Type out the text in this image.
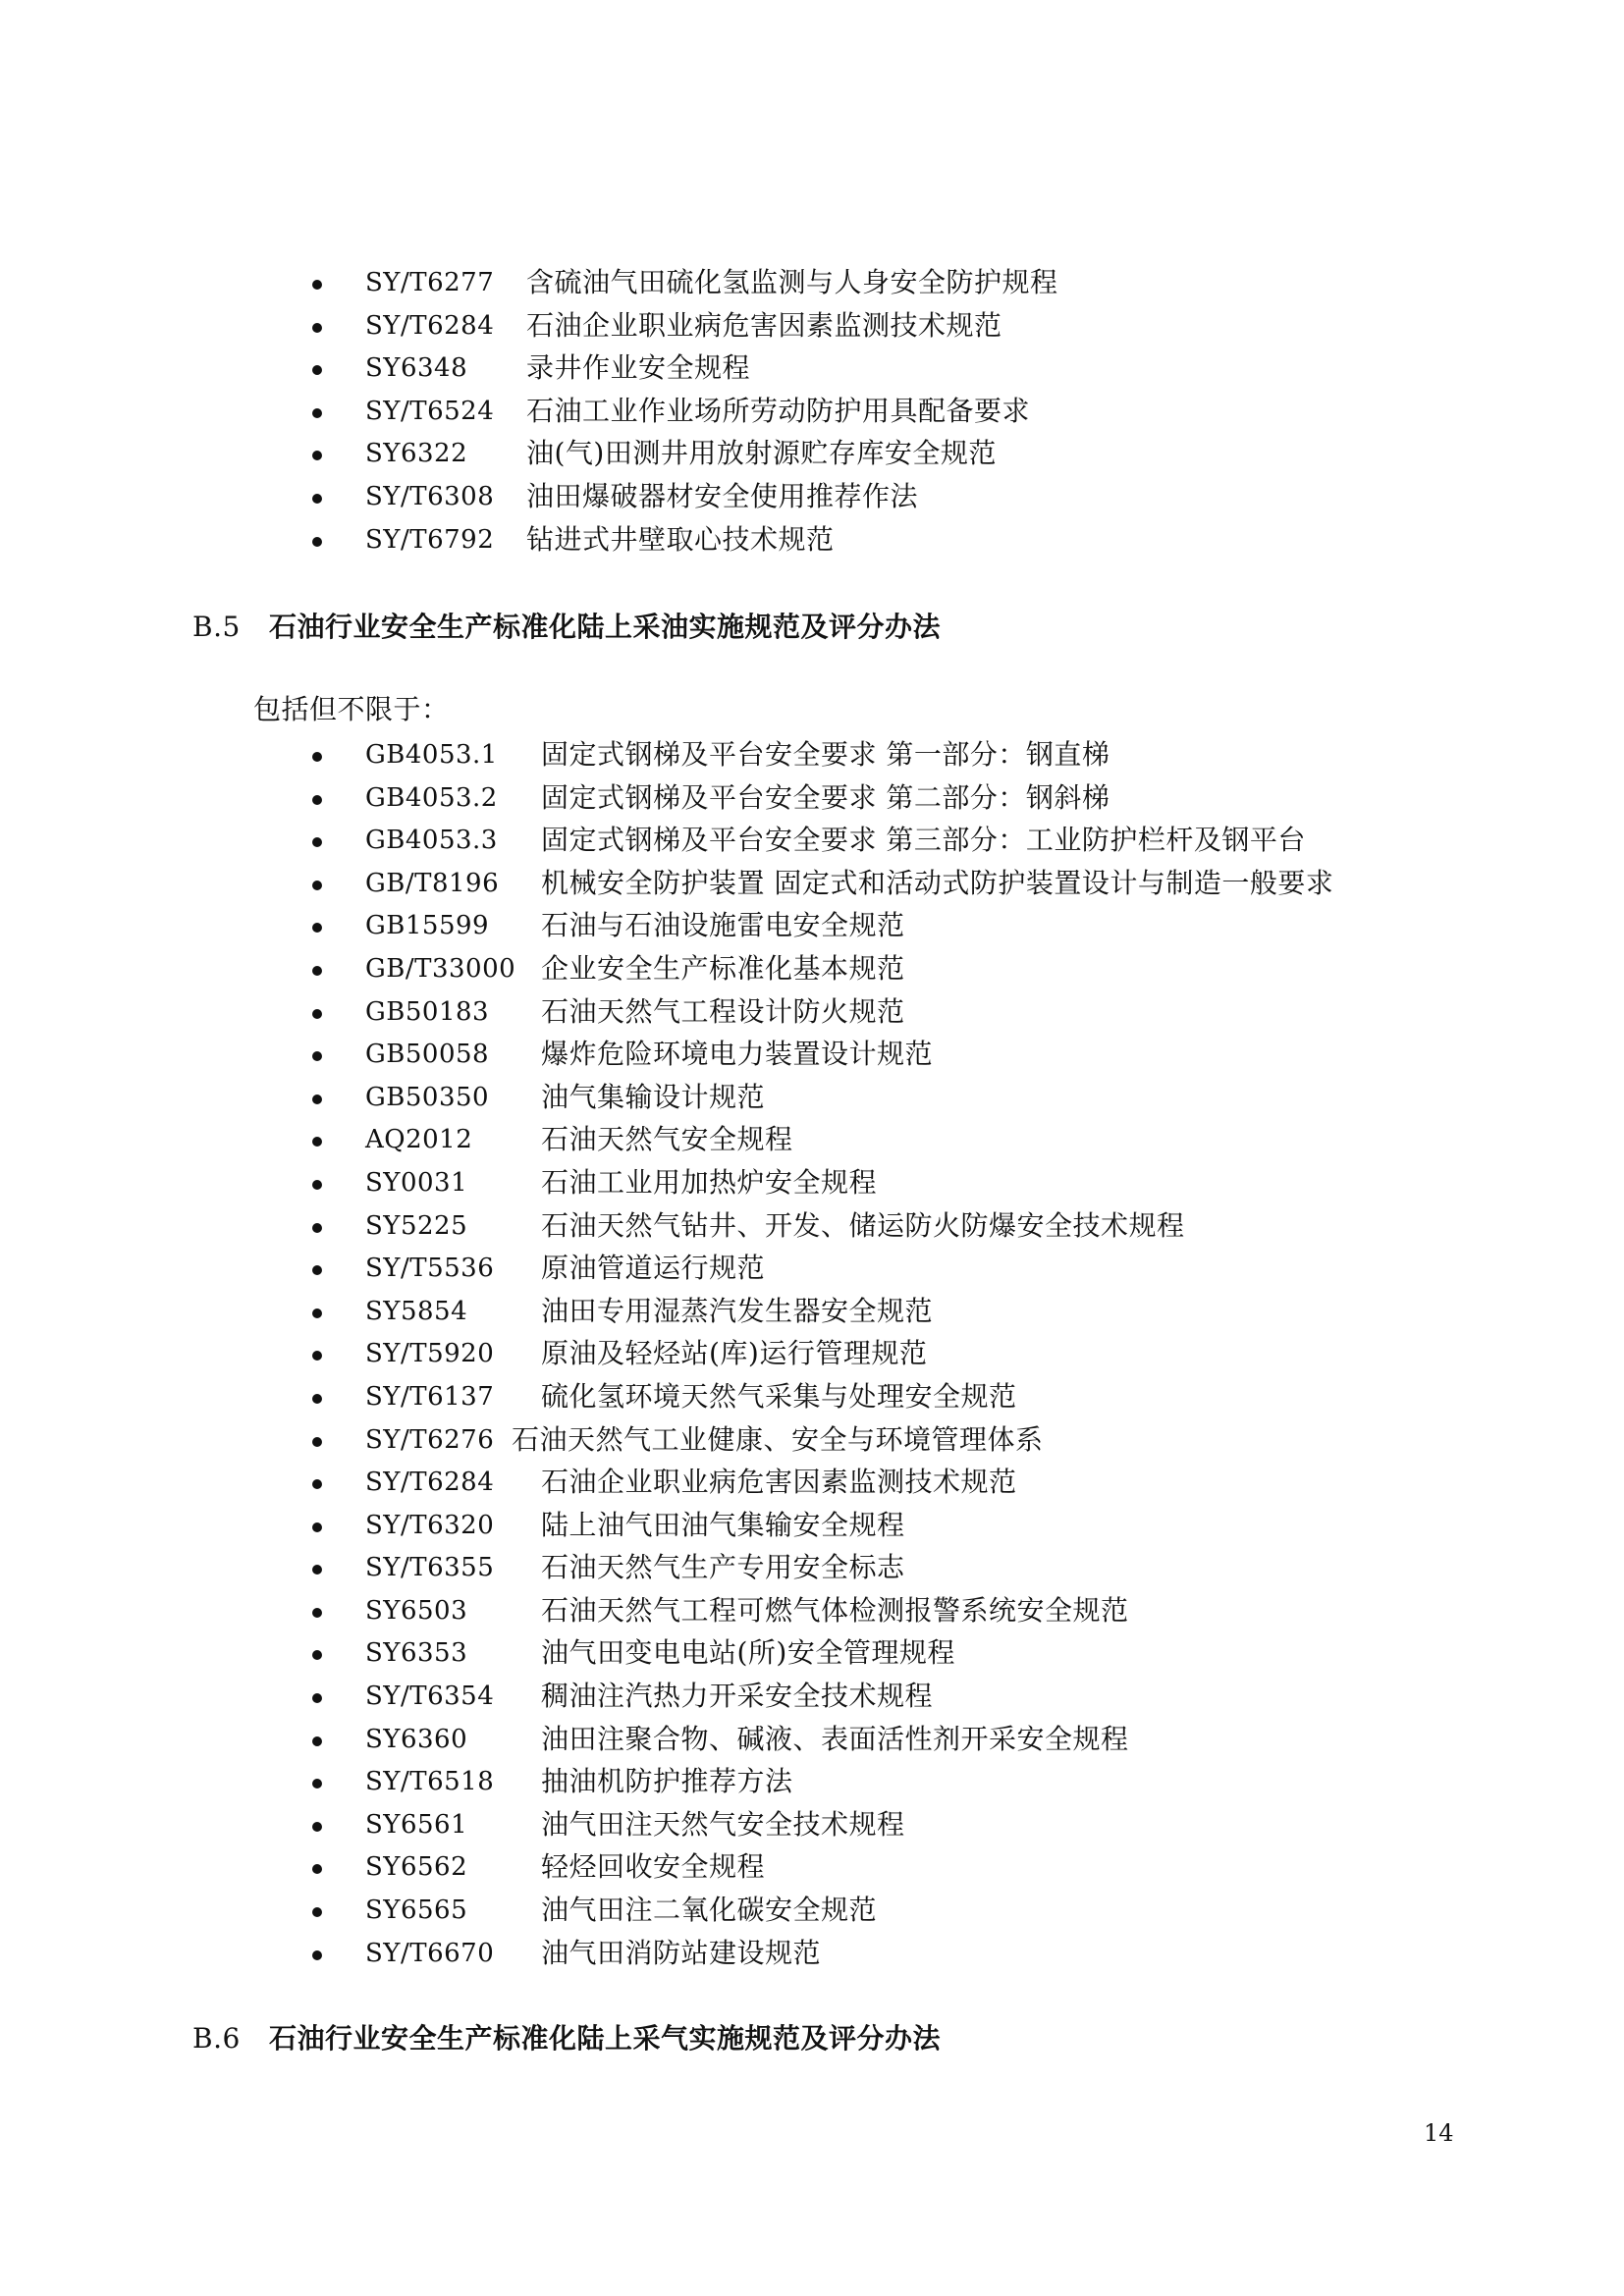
SY/T6277 含硫油气田硫化氢监测与人身安全防护规程
SY/T6284 石油企业职业病危害因素监测技术规范
SY6348 录井作业安全规程
SY/T6524 石油工业作业场所劳动防护用具配备要求
SY6322 油(气)田测井用放射源贮存库安全规范
SY/T6308 油田爆破器材安全使用推荐作法
SY/T6792 钻进式井壁取心技术规范
B.5 石油行业安全生产标准化陆上采油实施规范及评分办法
包括但不限于：
GB4053.1 固定式钢梯及平台安全要求 第一部分：钢直梯
GB4053.2 固定式钢梯及平台安全要求 第二部分：钢斜梯
GB4053.3 固定式钢梯及平台安全要求 第三部分：工业防护栏杆及钢平台
GB/T8196 机械安全防护装置 固定式和活动式防护装置设计与制造一般要求
GB15599 石油与石油设施雷电安全规范
GB/T33000 企业安全生产标准化基本规范
GB50183 石油天然气工程设计防火规范
GB50058 爆炸危险环境电力装置设计规范
GB50350 油气集输设计规范
AQ2012 石油天然气安全规程
SY0031	石油工业用加热炉安全规程
SY5225	石油天然气钻井、开发、储运防火防爆安全技术规程
SY/T5536 原油管道运行规范
SY5854	油田专用湿蒸汽发生器安全规范
SY/T5920 原油及轻烃站(库)运行管理规范
SY/T6137 硫化氢环境天然气采集与处理安全规范
SY/T6276 石油天然气工业健康、安全与环境管理体系
SY/T6284 石油企业职业病危害因素监测技术规范
SY/T6320 陆上油气田油气集输安全规程
SY/T6355 石油天然气生产专用安全标志
SY6503	石油天然气工程可燃气体检测报警系统安全规范
SY6353	油气田变电电站(所)安全管理规程
SY/T6354 稠油注汽热力开采安全技术规程
SY6360	油田注聚合物、碱液、表面活性剂开采安全规程
SY/T6518 抽油机防护推荐方法
SY6561	油气田注天然气安全技术规程
SY6562	轻烃回收安全规程
SY6565	油气田注二氧化碳安全规范
SY/T6670 油气田消防站建设规范
B.6 石油行业安全生产标准化陆上采气实施规范及评分办法
14
